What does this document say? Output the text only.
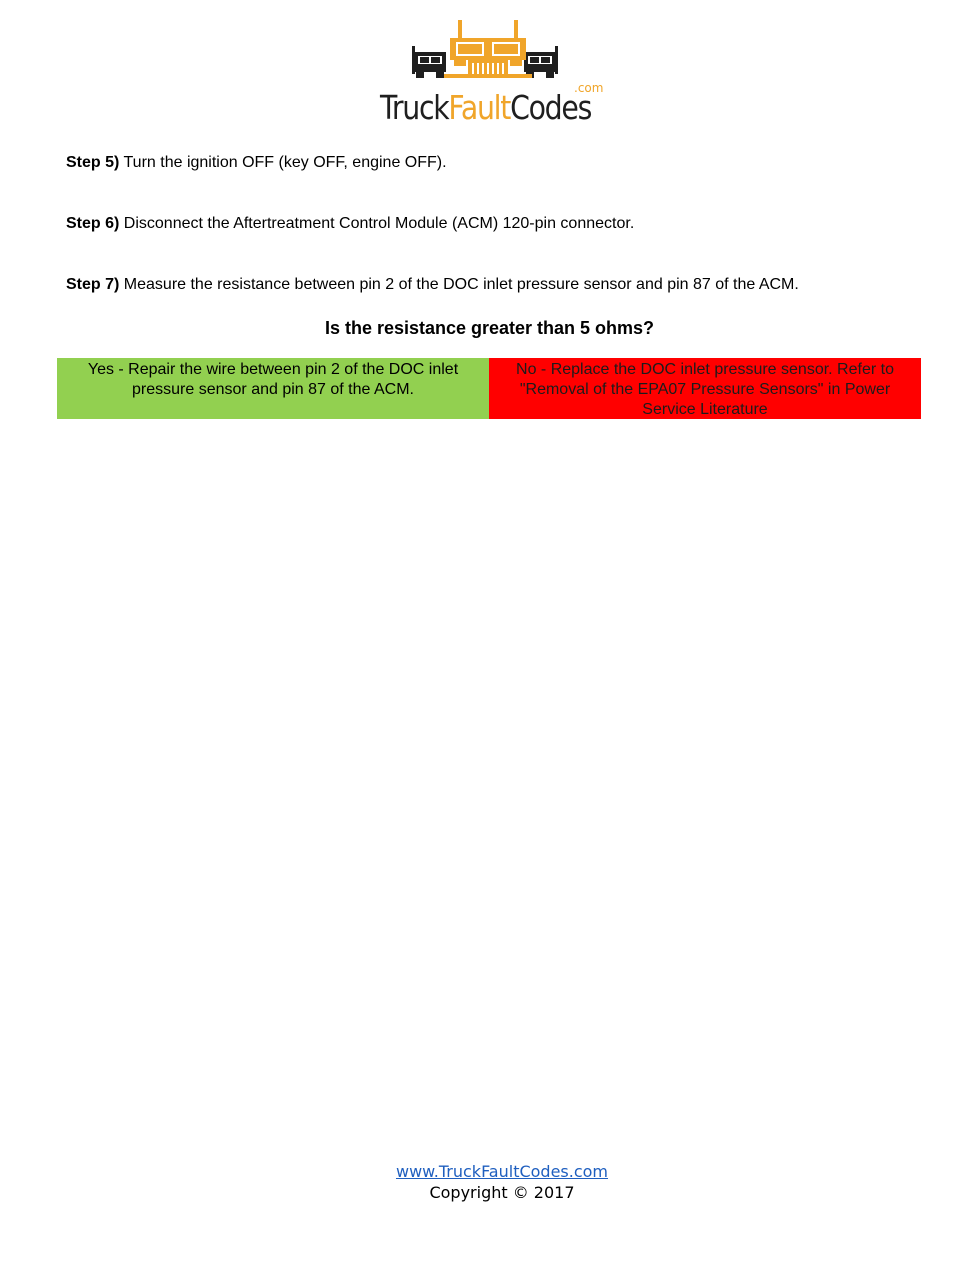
TruckFaultCodes
.com
Step 5) Turn the ignition OFF (key OFF, engine OFF).
Step 6) Disconnect the Aftertreatment Control Module (ACM) 120-pin connector.
Step 7) Measure the resistance between pin 2 of the DOC inlet pressure sensor and pin 87 of the ACM.
Is the resistance greater than 5 ohms?
Yes - Repair the wire between pin 2 of the DOC inlet pressure sensor and pin 87 of the ACM.
No - Replace the DOC inlet pressure sensor. Refer to "Removal of the EPA07 Pressure Sensors" in Power Service Literature
www.TruckFaultCodes.com
Copyright © 2017
